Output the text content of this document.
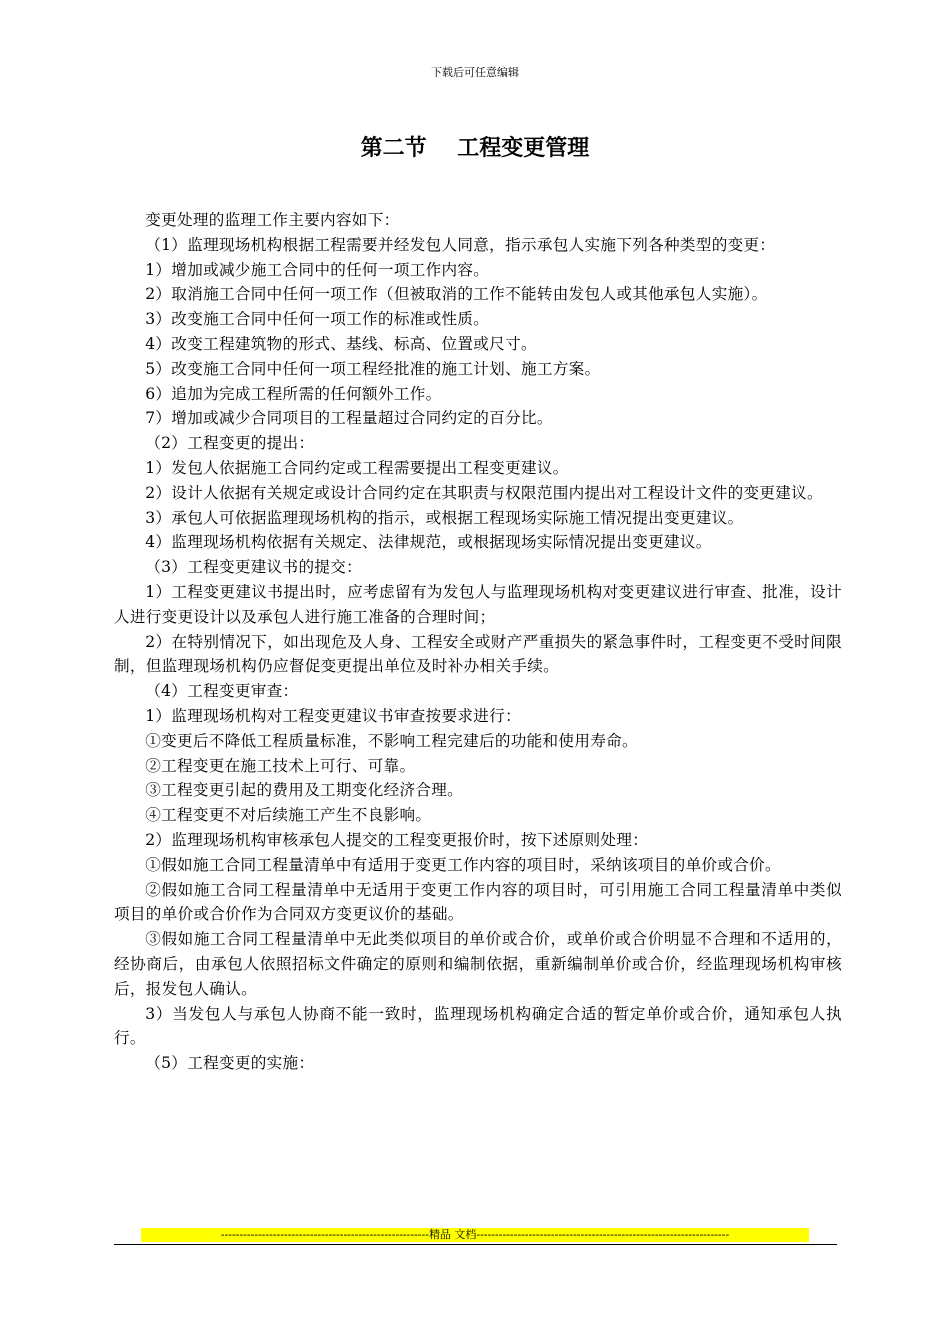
下载后可任意编辑
第二节    工程变更管理

变更处理的监理工作主要内容如下：

（1）监理现场机构根据工程需要并经发包人同意，指示承包人实施下列各种类型的变更：

1）增加或减少施工合同中的任何一项工作内容。

2）取消施工合同中任何一项工作（但被取消的工作不能转由发包人或其他承包人实施）。

3）改变施工合同中任何一项工作的标准或性质。

4）改变工程建筑物的形式、基线、标高、位置或尺寸。

5）改变施工合同中任何一项工程经批准的施工计划、施工方案。

6）追加为完成工程所需的任何额外工作。

7）增加或减少合同项目的工程量超过合同约定的百分比。

（2）工程变更的提出：

1）发包人依据施工合同约定或工程需要提出工程变更建议。

2）设计人依据有关规定或设计合同约定在其职责与权限范围内提出对工程设计文件的变更建议。

3）承包人可依据监理现场机构的指示，或根据工程现场实际施工情况提出变更建议。

4）监理现场机构依据有关规定、法律规范，或根据现场实际情况提出变更建议。

（3）工程变更建议书的提交：

1）工程变更建议书提出时，应考虑留有为发包人与监理现场机构对变更建议进行审查、批准，设计人进行变更设计以及承包人进行施工准备的合理时间；

2）在特别情况下，如出现危及人身、工程安全或财产严重损失的紧急事件时，工程变更不受时间限制，但监理现场机构仍应督促变更提出单位及时补办相关手续。

（4）工程变更审查：

1）监理现场机构对工程变更建议书审查按要求进行：

①变更后不降低工程质量标准，不影响工程完建后的功能和使用寿命。

②工程变更在施工技术上可行、可靠。

③工程变更引起的费用及工期变化经济合理。

④工程变更不对后续施工产生不良影响。

2）监理现场机构审核承包人提交的工程变更报价时，按下述原则处理：

①假如施工合同工程量清单中有适用于变更工作内容的项目时，采纳该项目的单价或合价。

②假如施工合同工程量清单中无适用于变更工作内容的项目时，可引用施工合同工程量清单中类似项目的单价或合价作为合同双方变更议价的基础。

③假如施工合同工程量清单中无此类似项目的单价或合价，或单价或合价明显不合理和不适用的，经协商后，由承包人依照招标文件确定的原则和编制依据，重新编制单价或合价，经监理现场机构审核后，报发包人确认。

3）当发包人与承包人协商不能一致时，监理现场机构确定合适的暂定单价或合价，通知承包人执行。

（5）工程变更的实施：

--------------------------------------------------------精品 文档--------------------------------------------------------------------
